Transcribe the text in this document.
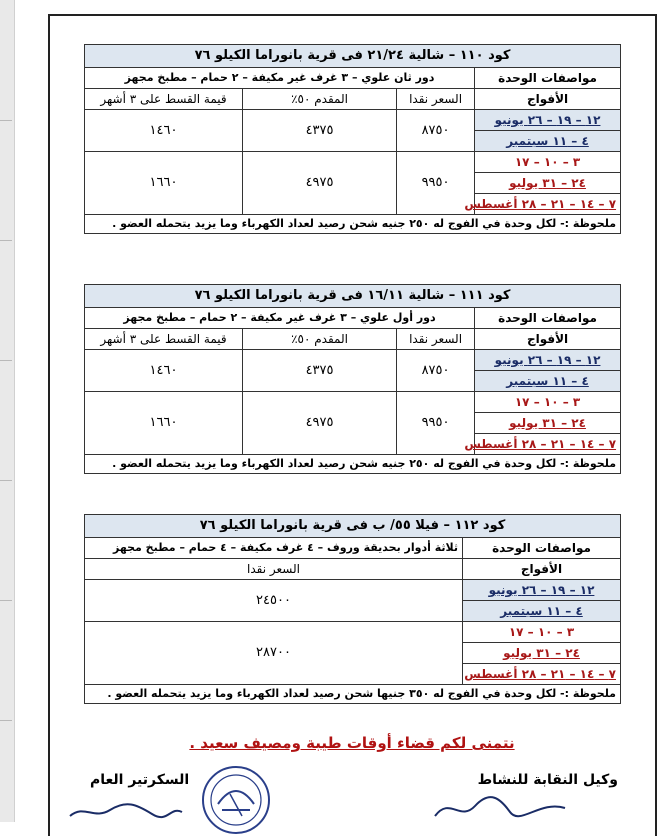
كود ١١٠ – شالية ٢١/٢٤ فى قرية بانوراما الكيلو ٧٦			
مواصفات الوحدة	دور ثان علوي – ٣ غرف غير مكيفة – ٢ حمام – مطبخ مجهز		
الأفواج	السعر نقدا	المقدم ٥٠٪	قيمة القسط على ٣ أشهر
١٢ – ١٩ – ٢٦ يونيو	٨٧٥٠	٤٣٧٥	١٤٦٠
٤ – ١١ سبتمبر			
٣ – ١٠ – ١٧	٩٩٥٠	٤٩٧٥	١٦٦٠
٢٤ – ٣١ يوليو			
٧ – ١٤ – ٢١ – ٢٨ أغسطس			
ملحوظة :- لكل وحدة في الفوج له ٢٥٠ جنيه شحن رصيد لعداد الكهرباء وما يزيد يتحمله العضو .			
كود ١١١ – شالية ١٦/١١ فى قرية بانوراما الكيلو ٧٦			
مواصفات الوحدة	دور أول علوي – ٣ غرف غير مكيفة – ٢ حمام – مطبخ مجهز		
الأفواج	السعر نقدا	المقدم ٥٠٪	قيمة القسط على ٣ أشهر
١٢ – ١٩ – ٢٦ يونيو	٨٧٥٠	٤٣٧٥	١٤٦٠
٤ – ١١ سبتمبر			
٣ – ١٠ – ١٧	٩٩٥٠	٤٩٧٥	١٦٦٠
٢٤ – ٣١ يوليو			
٧ – ١٤ – ٢١ – ٢٨ أغسطس			
ملحوظة :- لكل وحدة في الفوج له ٢٥٠ جنيه شحن رصيد لعداد الكهرباء وما يزيد يتحمله العضو .			
كود ١١٢ – فيلا ٥٥/ ب فى قرية بانوراما الكيلو ٧٦	
مواصفات الوحدة	ثلاثة أدوار بحديقة وروف – ٤ غرف مكيفة – ٤ حمام – مطبخ مجهز
الأفواج	السعر نقدا
١٢ – ١٩ – ٢٦ يونيو	٢٤٥٠٠
٤ – ١١ سبتمبر	
٣ – ١٠ – ١٧	٢٨٧٠٠
٢٤ – ٣١ يوليو	
٧ – ١٤ – ٢١ – ٢٨ أغسطس	
ملحوظة :- لكل وحدة في الفوج له ٣٥٠ جنيها شحن رصيد لعداد الكهرباء وما يزيد يتحمله العضو .	
نتمنى لكم قضاء أوقات طيبة ومصيف سعيد .
وكيل النقابة للنشاط
السكرتير العام
